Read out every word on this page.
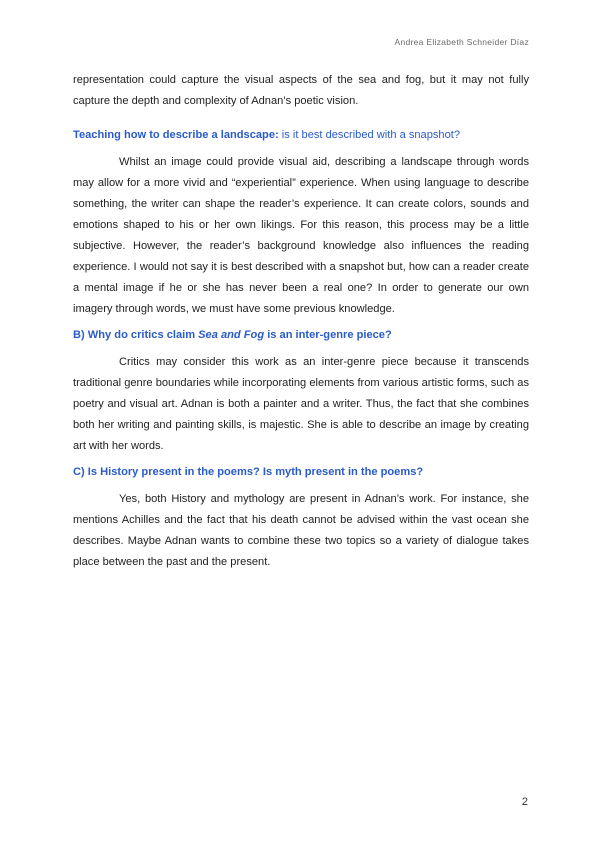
Andrea Elizabeth Schneider Díaz

representation could capture the visual aspects of the sea and fog, but it may not fully capture the depth and complexity of Adnan’s poetic vision.

Teaching how to describe a landscape: is it best described with a snapshot?

Whilst an image could provide visual aid, describing a landscape through words may allow for a more vivid and “experiential” experience. When using language to describe something, the writer can shape the reader’s experience. It can create colors, sounds and emotions shaped to his or her own likings. For this reason, this process may be a little subjective. However, the reader’s background knowledge also influences the reading experience. I would not say it is best described with a snapshot but, how can a reader create a mental image if he or she has never been a real one? In order to generate our own imagery through words, we must have some previous knowledge.

B) Why do critics claim Sea and Fog is an inter-genre piece?

Critics may consider this work as an inter-genre piece because it transcends traditional genre boundaries while incorporating elements from various artistic forms, such as poetry and visual art. Adnan is both a painter and a writer. Thus, the fact that she combines both her writing and painting skills, is majestic. She is able to describe an image by creating art with her words.

C) Is History present in the poems? Is myth present in the poems?

Yes, both History and mythology are present in Adnan’s work. For instance, she mentions Achilles and the fact that his death cannot be advised within the vast ocean she describes. Maybe Adnan wants to combine these two topics so a variety of dialogue takes place between the past and the present.

2
